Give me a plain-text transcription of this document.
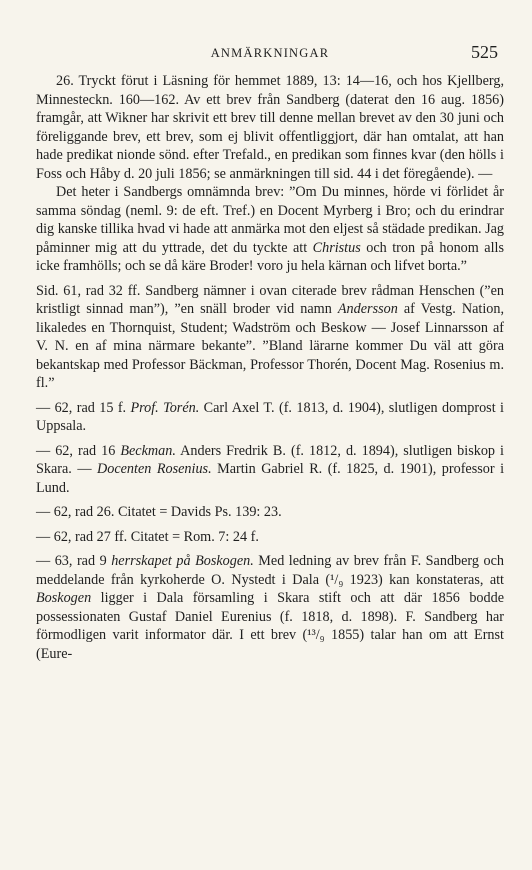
ANMÄRKNINGAR	525
26. Tryckt förut i Läsning för hemmet 1889, 13: 14—16, och hos Kjellberg, Minnesteckn. 160—162. Av ett brev från Sandberg (daterat den 16 aug. 1856) framgår, att Wikner har skrivit ett brev till denne mellan brevet av den 30 juni och föreliggande brev, ett brev, som ej blivit offentliggjort, där han omtalat, att han hade predikat nionde sönd. efter Trefald., en predikan som finnes kvar (den hölls i Foss och Håby d. 20 juli 1856; se anmärkningen till sid. 44 i det föregående). —
Det heter i Sandbergs omnämnda brev: ”Om Du minnes, hörde vi förlidet år samma söndag (neml. 9: de eft. Tref.) en Docent Myrberg i Bro; och du erindrar dig kanske tillika hvad vi hade att anmärka mot den eljest så städade predikan. Jag påminner mig att du yttrade, det du tyckte att Christus och tron på honom alls icke framhölls; och se då käre Broder! voro ju hela kärnan och lifvet borta.”
Sid. 61, rad 32 ff. Sandberg nämner i ovan citerade brev rådman Henschen (”en kristligt sinnad man”), ”en snäll broder vid namn Andersson af Vestg. Nation, likaledes en Thornquist, Student; Wadström och Beskow — Josef Linnarsson af V. N. en af mina närmare bekante”. ”Bland lärarne kommer Du väl att göra bekantskap med Professor Bäckman, Professor Thorén, Docent Mag. Rosenius m. fl.”
— 62, rad 15 f. Prof. Torén. Carl Axel T. (f. 1813, d. 1904), slutligen domprost i Uppsala.
— 62, rad 16 Beckman. Anders Fredrik B. (f. 1812, d. 1894), slutligen biskop i Skara. — Docenten Rosenius. Martin Gabriel R. (f. 1825, d. 1901), professor i Lund.
— 62, rad 26. Citatet = Davids Ps. 139: 23.
— 62, rad 27 ff. Citatet = Rom. 7: 24 f.
— 63, rad 9 herrskapet på Boskogen. Med ledning av brev från F. Sandberg och meddelande från kyrkoherde O. Nystedt i Dala (¹/₉ 1923) kan konstateras, att Boskogen ligger i Dala församling i Skara stift och att där 1856 bodde possessionaten Gustaf Daniel Eurenius (f. 1818, d. 1898). F. Sandberg har förmodligen varit informator där. I ett brev (¹³/₉ 1855) talar han om att Ernst (Eure-
